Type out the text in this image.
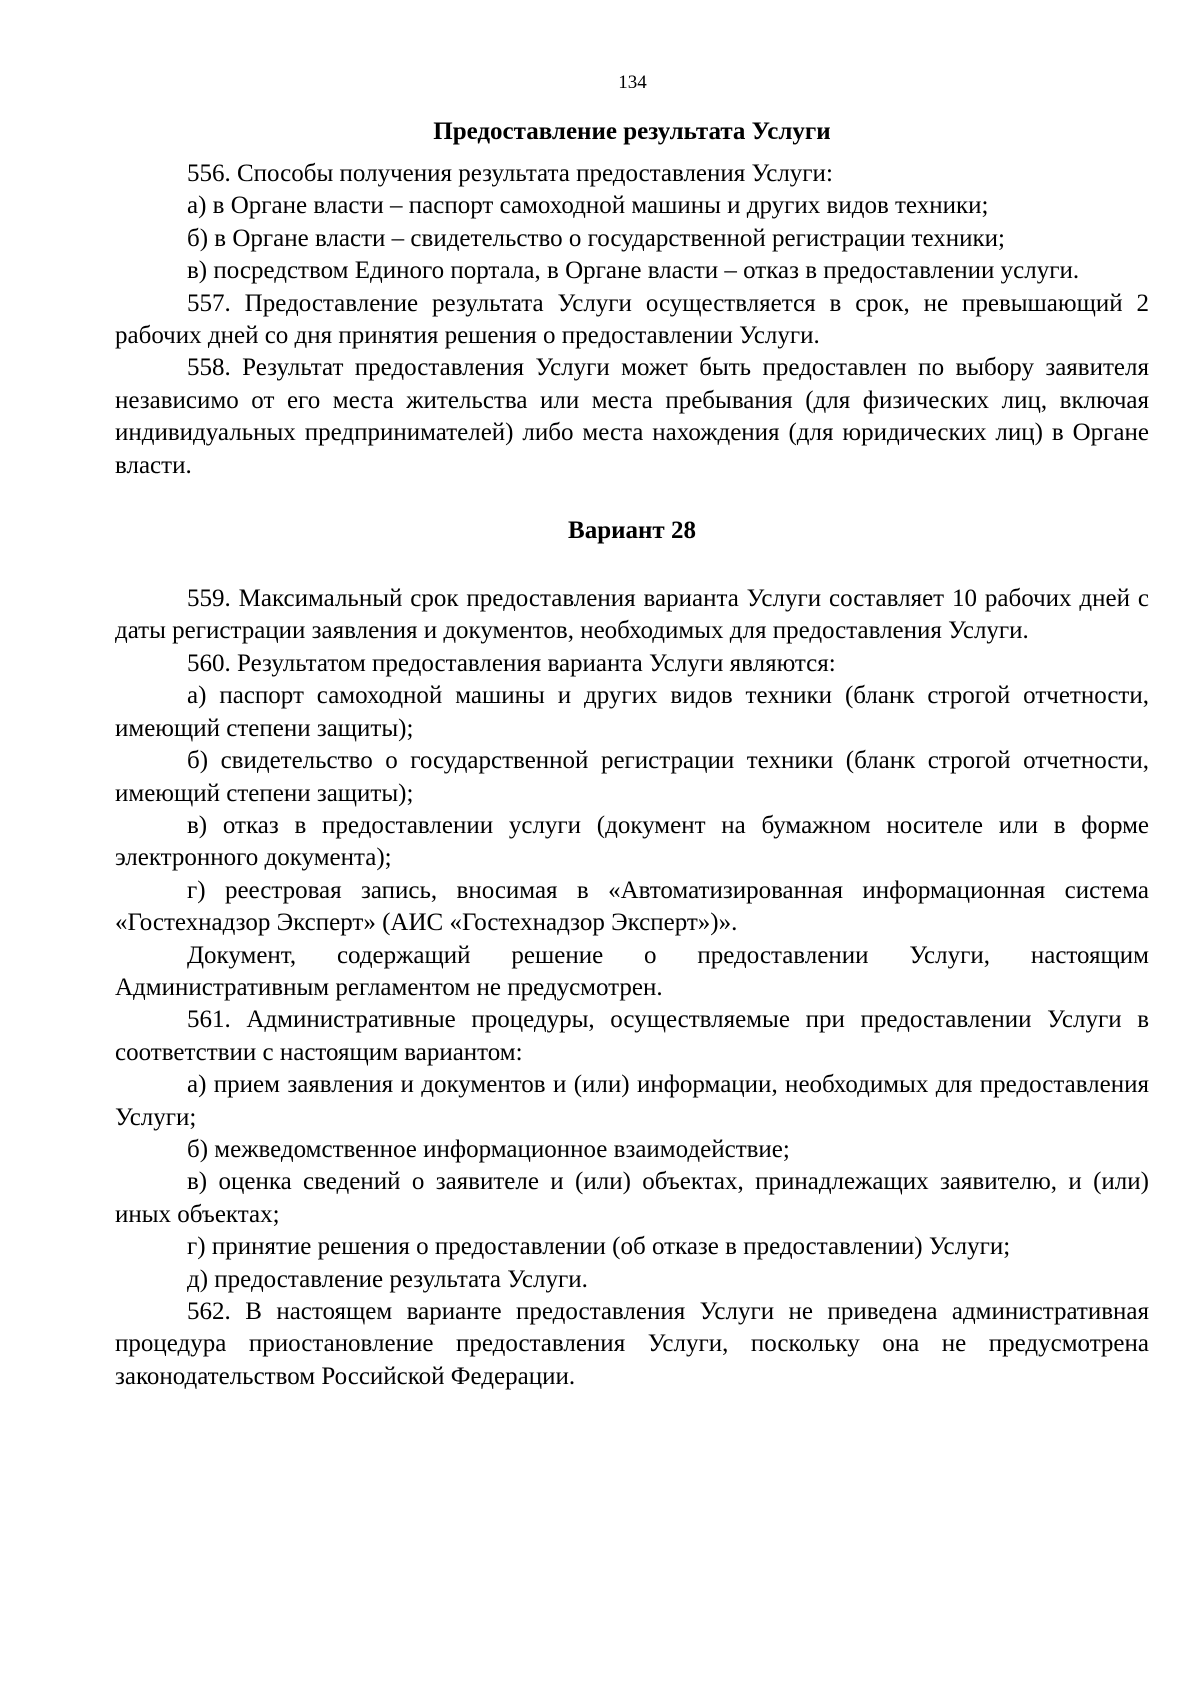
134
Предоставление результата Услуги

556. Способы получения результата предоставления Услуги:

а) в Органе власти – паспорт самоходной машины и других видов техники;

б) в Органе власти – свидетельство о государственной регистрации техники;

в) посредством Единого портала, в Органе власти – отказ в предоставлении услуги.

557. Предоставление результата Услуги осуществляется в срок, не превышающий 2 рабочих дней со дня принятия решения о предоставлении Услуги.

558. Результат предоставления Услуги может быть предоставлен по выбору заявителя независимо от его места жительства или места пребывания (для физических лиц, включая индивидуальных предпринимателей) либо места нахождения (для юридических лиц) в Органе власти.

Вариант 28

559. Максимальный срок предоставления варианта Услуги составляет 10 рабочих дней с даты регистрации заявления и документов, необходимых для предоставления Услуги.

560. Результатом предоставления варианта Услуги являются:

а) паспорт самоходной машины и других видов техники (бланк строгой отчетности, имеющий степени защиты);

б) свидетельство о государственной регистрации техники (бланк строгой отчетности, имеющий степени защиты);

в) отказ в предоставлении услуги (документ на бумажном носителе или в форме электронного документа);

г) реестровая запись, вносимая в «Автоматизированная информационная система «Гостехнадзор Эксперт» (АИС «Гостехнадзор Эксперт»)».

Документ, содержащий решение о предоставлении Услуги, настоящим Административным регламентом не предусмотрен.

561. Административные процедуры, осуществляемые при предоставлении Услуги в соответствии с настоящим вариантом:

а) прием заявления и документов и (или) информации, необходимых для предоставления Услуги;

б) межведомственное информационное взаимодействие;

в) оценка сведений о заявителе и (или) объектах, принадлежащих заявителю, и (или) иных объектах;

г) принятие решения о предоставлении (об отказе в предоставлении) Услуги;

д) предоставление результата Услуги.

562. В настоящем варианте предоставления Услуги не приведена административная процедура приостановление предоставления Услуги, поскольку она не предусмотрена законодательством Российской Федерации.
